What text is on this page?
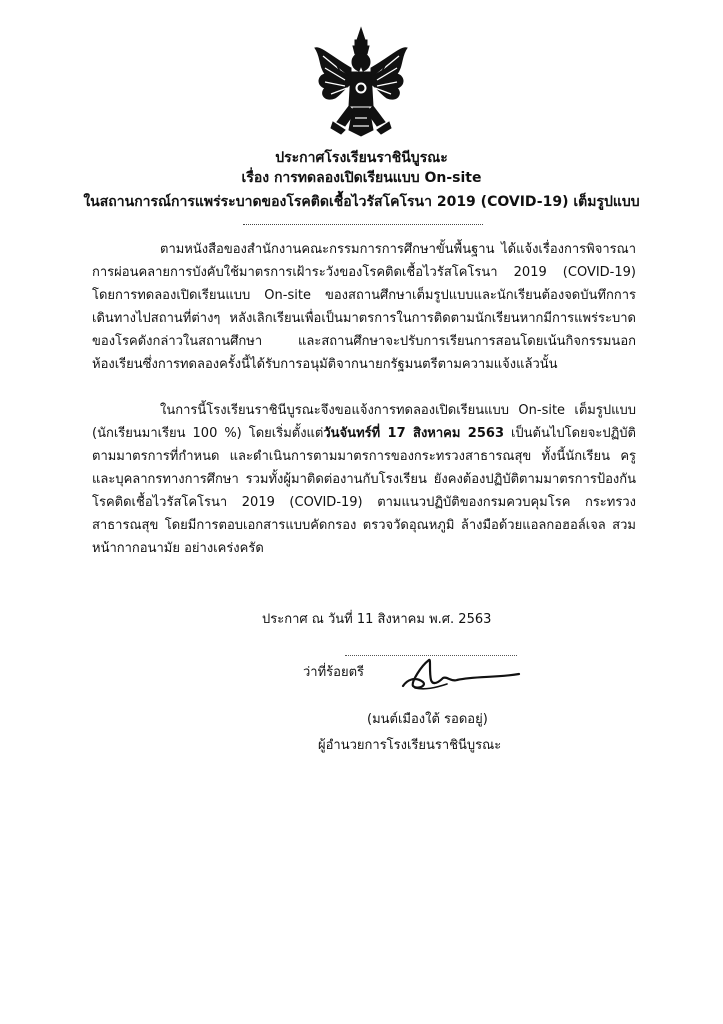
ประกาศโรงเรียนราชินีบูรณะ
เรื่อง การทดลองเปิดเรียนแบบ On-site
ในสถานการณ์การแพร่ระบาดของโรคติดเชื้อไวรัสโคโรนา 2019 (COVID-19) เต็มรูปแบบ
ตามหนังสือของสำนักงานคณะกรรมการการศึกษาขั้นพื้นฐาน ได้แจ้งเรื่องการพิจารณาการผ่อนคลายการบังคับใช้มาตรการเฝ้าระวังของโรคติดเชื้อไวรัสโคโรนา 2019 (COVID-19) โดยการทดลองเปิดเรียนแบบ On-site ของสถานศึกษาเต็มรูปแบบและนักเรียนต้องจดบันทึกการเดินทางไปสถานที่ต่างๆ หลังเลิกเรียนเพื่อเป็นมาตรการในการติดตามนักเรียนหากมีการแพร่ระบาดของโรคดังกล่าวในสถานศึกษา และสถานศึกษาจะปรับการเรียนการสอนโดยเน้นกิจกรรมนอกห้องเรียนซึ่งการทดลองครั้งนี้ได้รับการอนุมัติจากนายกรัฐมนตรีตามความแจ้งแล้วนั้น
ในการนี้โรงเรียนราชินีบูรณะจึงขอแจ้งการทดลองเปิดเรียนแบบ On-site เต็มรูปแบบ (นักเรียนมาเรียน 100 %) โดยเริ่มตั้งแต่วันจันทร์ที่ 17 สิงหาคม 2563 เป็นต้นไปโดยจะปฏิบัติตามมาตรการที่กำหนด และดำเนินการตามมาตรการของกระทรวงสาธารณสุข ทั้งนี้นักเรียน ครู และบุคลากรทางการศึกษา รวมทั้งผู้มาติดต่องานกับโรงเรียน ยังคงต้องปฏิบัติตามมาตรการป้องกันโรคติดเชื้อไวรัสโคโรนา 2019 (COVID-19) ตามแนวปฏิบัติของกรมควบคุมโรค กระทรวงสาธารณสุข โดยมีการตอบเอกสารแบบคัดกรอง ตรวจวัดอุณหภูมิ ล้างมือด้วยแอลกอฮอล์เจล สวมหน้ากากอนามัย อย่างเคร่งครัด
ประกาศ ณ วันที่ 11 สิงหาคม พ.ศ. 2563
ว่าที่ร้อยตรี
(มนต์เมืองใต้ รอดอยู่)
ผู้อำนวยการโรงเรียนราชินีบูรณะ
